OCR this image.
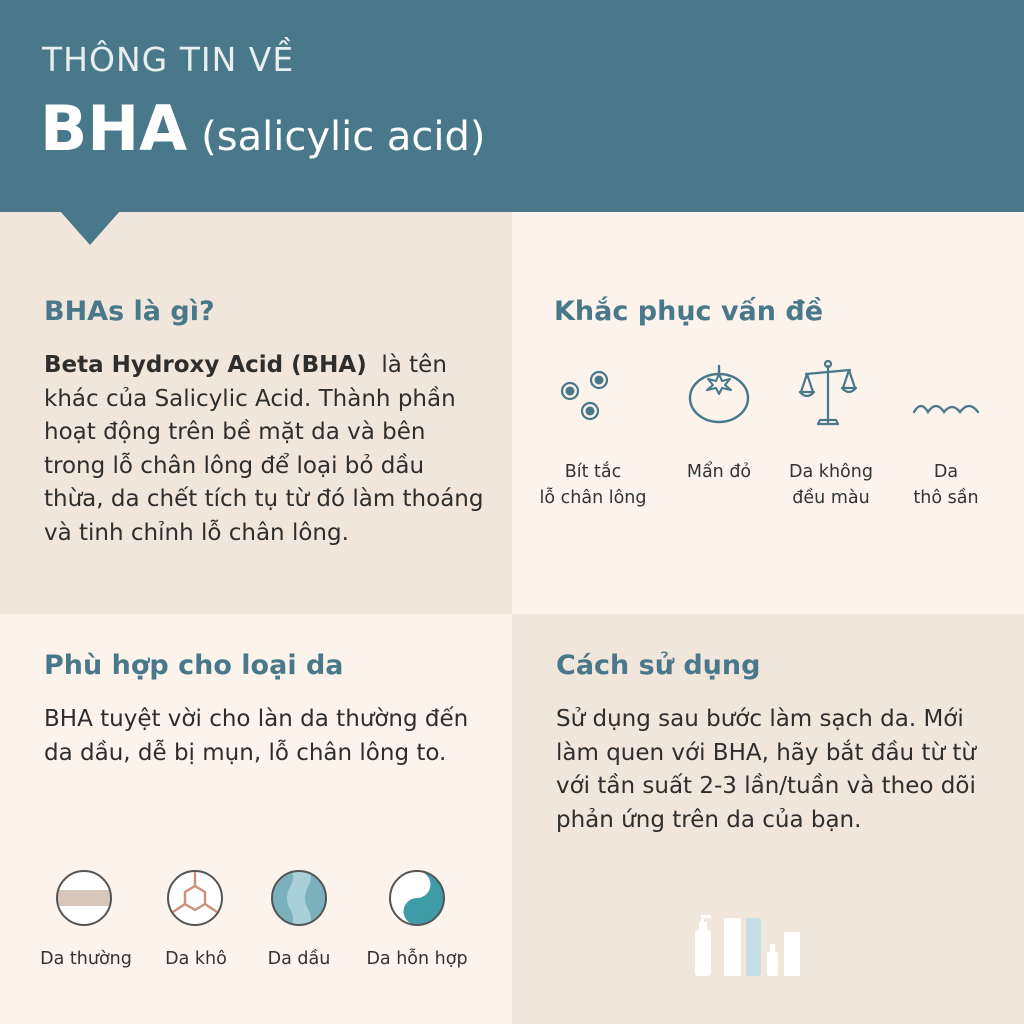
THÔNG TIN VỀ
BHA (salicylic acid)
BHAs là gì?
Beta Hydroxy Acid (BHA) là tên khác của Salicylic Acid. Thành phần hoạt động trên bề mặt da và bên trong lỗ chân lông để loại bỏ dầu thừa, da chết tích tụ từ đó làm thoáng và tinh chỉnh lỗ chân lông.
Khắc phục vấn đề
Bít tắc
lỗ chân lông
Mẩn đỏ	Da không
đều màu
Da
thô sần
Phù hợp cho loại da
BHA tuyệt vời cho làn da thường đến da dầu, dễ bị mụn, lỗ chân lông to.
Da thường	Da khô	Da dầu	Da hỗn hợp
Cách sử dụng
Sử dụng sau bước làm sạch da. Mới làm quen với BHA, hãy bắt đầu từ từ với tần suất 2-3 lần/tuần và theo dõi phản ứng trên da của bạn.
